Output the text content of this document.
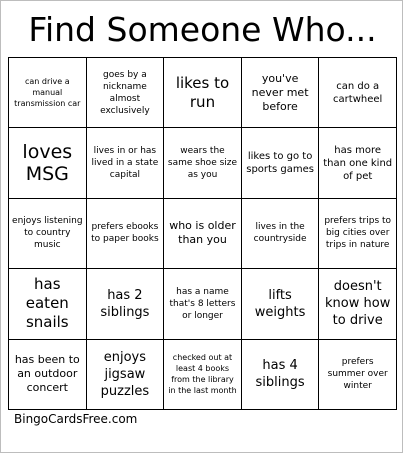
Find Someone Who...
can drive a manual transmission car
goes by a nickname almost exclusively
likes to run
you've never met before
can do a cartwheel
loves MSG
lives in or has lived in a state capital
wears the same shoe size as you
likes to go to sports games
has more than one kind of pet
enjoys listening to country music
prefers ebooks to paper books
who is older than you
lives in the countryside
prefers trips to big cities over trips in nature
has eaten snails
has 2 siblings
has a name that's 8 letters or longer
lifts weights
doesn't know how to drive
has been to an outdoor concert
enjoys jigsaw puzzles
checked out at least 4 books from the library in the last month
has 4 siblings
prefers summer over winter
BingoCardsFree.com
